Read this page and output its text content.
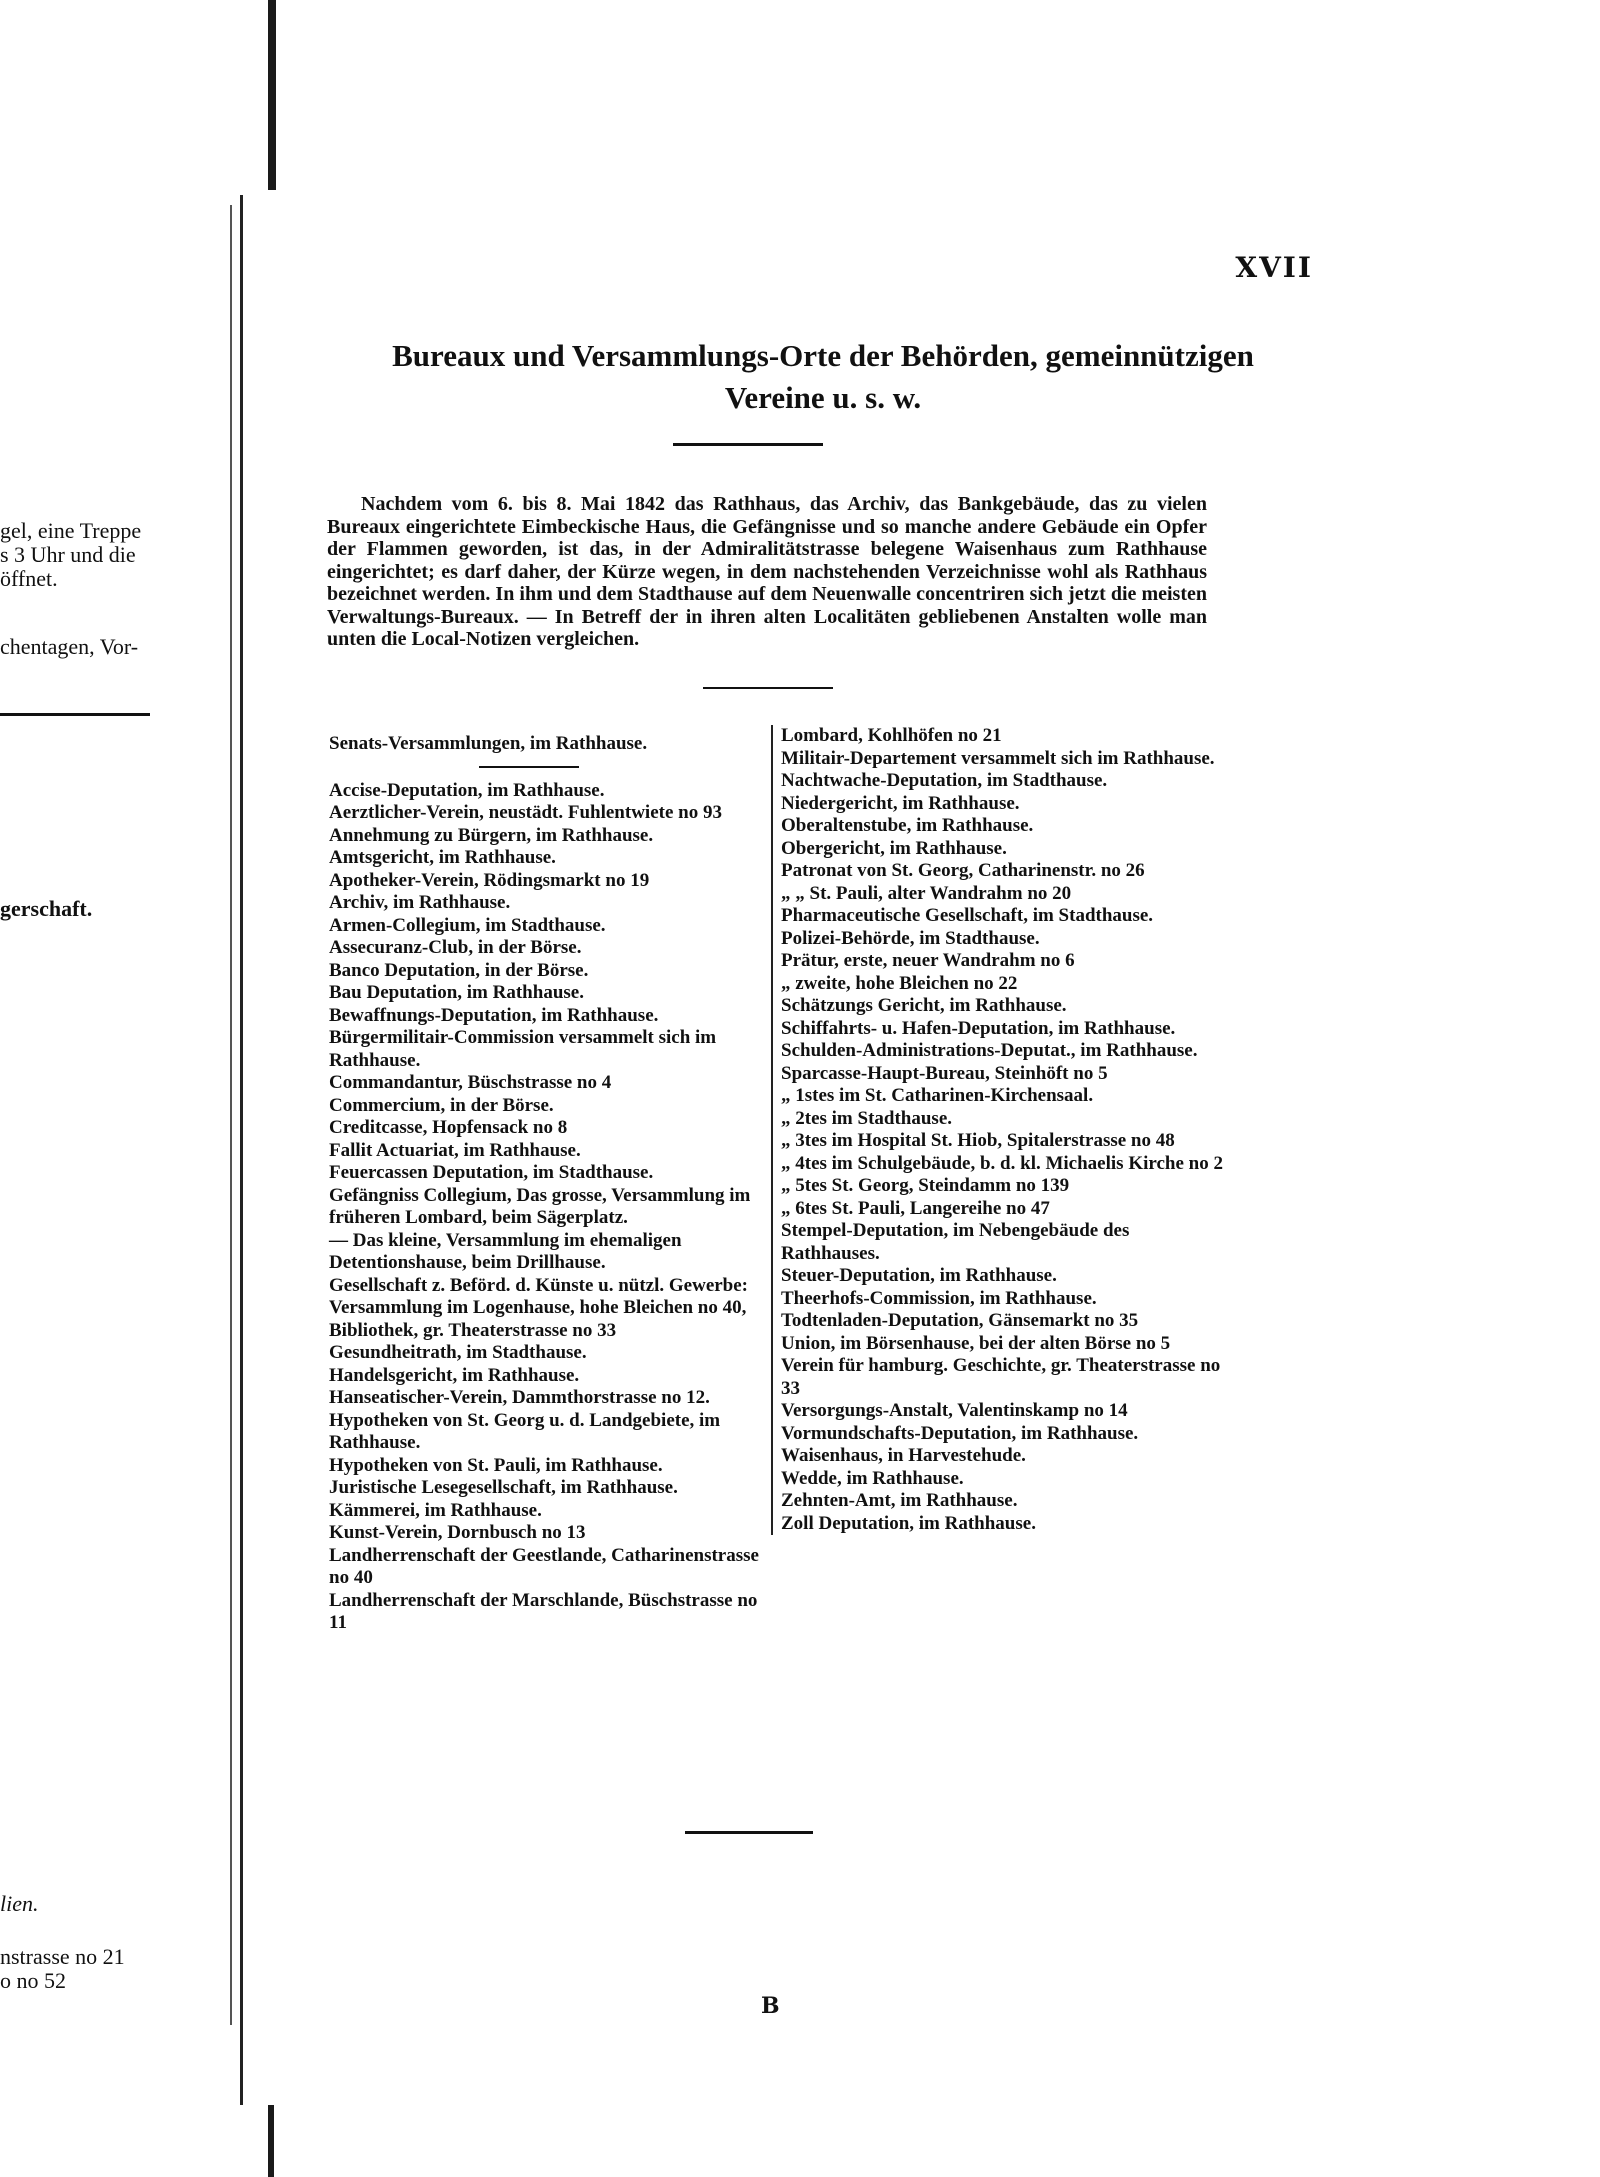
gel, eine Treppe
s 3 Uhr und die
öffnet.
chentagen, Vor-
gerschaft.
lien.
nstrasse no 21
o no 52
XVII
Bureaux und Versammlungs-Orte der Behörden, gemeinnützigen
Vereine u. s. w.

Nachdem vom 6. bis 8. Mai 1842 das Rathhaus, das Archiv, das Bankgebäude, das zu vielen Bureaux eingerichtete Eimbeckische Haus, die Gefängnisse und so manche andere Gebäude ein Opfer der Flammen geworden, ist das, in der Admiralitätstrasse belegene Waisenhaus zum Rathhause eingerichtet; es darf daher, der Kürze wegen, in dem nachstehenden Verzeichnisse wohl als Rathhaus bezeichnet werden. In ihm und dem Stadthause auf dem Neuenwalle concentriren sich jetzt die meisten Verwaltungs-Bureaux. — In Betreff der in ihren alten Localitäten gebliebenen Anstalten wolle man unten die Local-Notizen vergleichen.

Senats-Versammlungen, im Rathhause.

Accise-Deputation, im Rathhause.

Aerztlicher-Verein, neustädt. Fuhlentwiete no 93

Annehmung zu Bürgern, im Rathhause.

Amtsgericht, im Rathhause.

Apotheker-Verein, Rödingsmarkt no 19

Archiv, im Rathhause.

Armen-Collegium, im Stadthause.

Assecuranz-Club, in der Börse.

Banco Deputation, in der Börse.

Bau Deputation, im Rathhause.

Bewaffnungs-Deputation, im Rathhause.

Bürgermilitair-Commission versammelt sich im Rathhause.

Commandantur, Büschstrasse no 4

Commercium, in der Börse.

Creditcasse, Hopfensack no 8

Fallit Actuariat, im Rathhause.

Feuercassen Deputation, im Stadthause.

Gefängniss Collegium, Das grosse, Versammlung im früheren Lombard, beim Sägerplatz.

— Das kleine, Versammlung im ehemaligen Detentionshause, beim Drillhause.

Gesellschaft z. Beförd. d. Künste u. nützl. Gewerbe: Versammlung im Logenhause, hohe Bleichen no 40, Bibliothek, gr. Theaterstrasse no 33

Gesundheitrath, im Stadthause.

Handelsgericht, im Rathhause.

Hanseatischer-Verein, Dammthorstrasse no 12.

Hypotheken von St. Georg u. d. Landgebiete, im Rathhause.

Hypotheken von St. Pauli, im Rathhause.

Juristische Lesegesellschaft, im Rathhause.

Kämmerei, im Rathhause.

Kunst-Verein, Dornbusch no 13

Landherrenschaft der Geestlande, Catharinenstrasse no 40

Landherrenschaft der Marschlande, Büschstrasse no 11

Lombard, Kohlhöfen no 21

Militair-Departement versammelt sich im Rathhause.

Nachtwache-Deputation, im Stadthause.

Niedergericht, im Rathhause.

Oberaltenstube, im Rathhause.

Obergericht, im Rathhause.

Patronat von St. Georg, Catharinenstr. no 26

„ „ St. Pauli, alter Wandrahm no 20

Pharmaceutische Gesellschaft, im Stadthause.

Polizei-Behörde, im Stadthause.

Prätur, erste, neuer Wandrahm no 6

„ zweite, hohe Bleichen no 22

Schätzungs Gericht, im Rathhause.

Schiffahrts- u. Hafen-Deputation, im Rathhause.

Schulden-Administrations-Deputat., im Rathhause.

Sparcasse-Haupt-Bureau, Steinhöft no 5

„ 1stes im St. Catharinen-Kirchensaal.

„ 2tes im Stadthause.

„ 3tes im Hospital St. Hiob, Spitalerstrasse no 48

„ 4tes im Schulgebäude, b. d. kl. Michaelis Kirche no 2

„ 5tes St. Georg, Steindamm no 139

„ 6tes St. Pauli, Langereihe no 47

Stempel-Deputation, im Nebengebäude des Rathhauses.

Steuer-Deputation, im Rathhause.

Theerhofs-Commission, im Rathhause.

Todtenladen-Deputation, Gänsemarkt no 35

Union, im Börsenhause, bei der alten Börse no 5

Verein für hamburg. Geschichte, gr. Theaterstrasse no 33

Versorgungs-Anstalt, Valentinskamp no 14

Vormundschafts-Deputation, im Rathhause.

Waisenhaus, in Harvestehude.

Wedde, im Rathhause.

Zehnten-Amt, im Rathhause.

Zoll Deputation, im Rathhause.

B
